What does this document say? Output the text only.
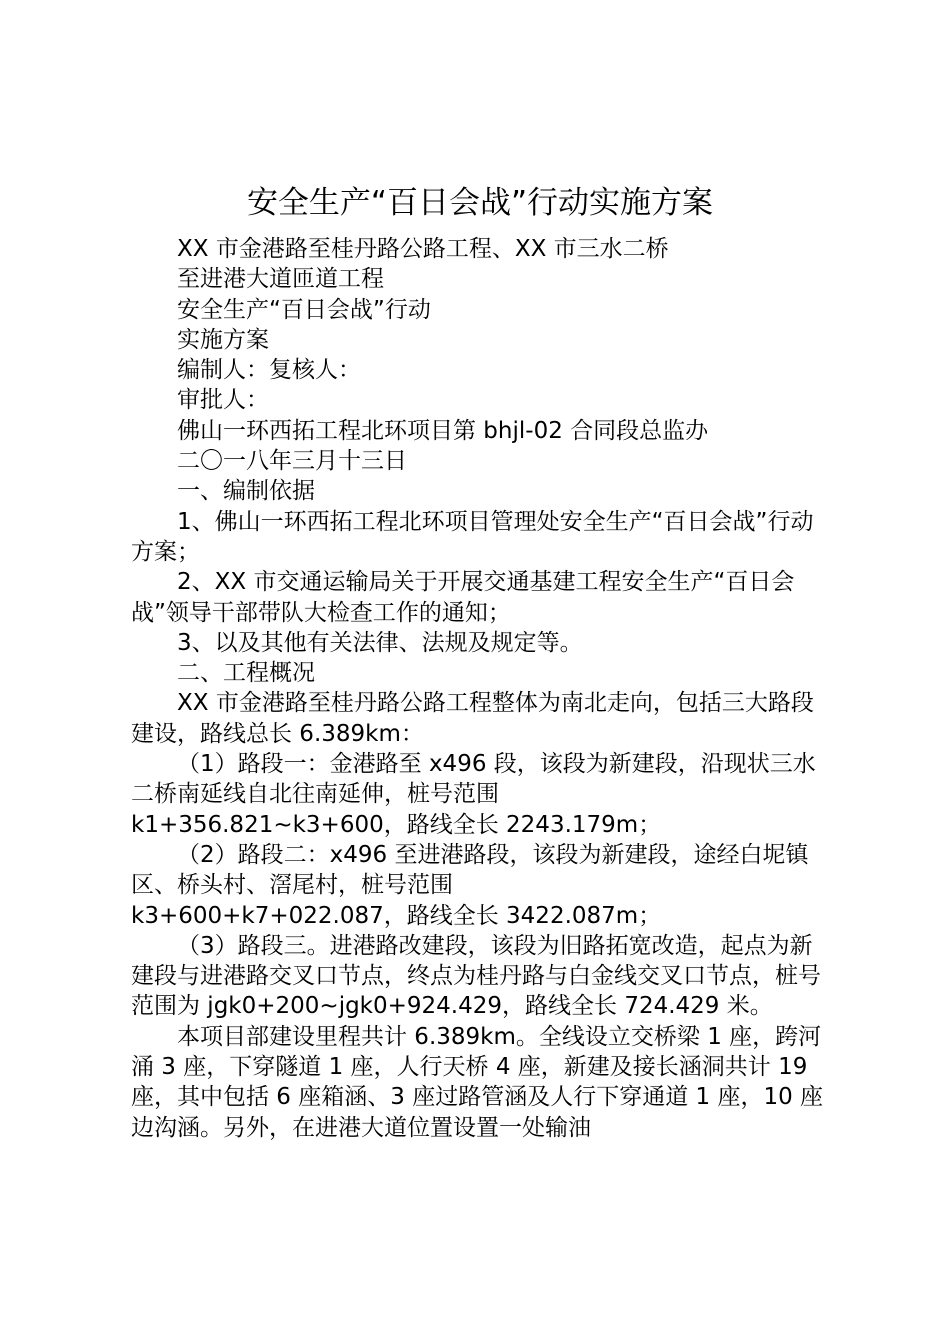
安全生产“百日会战”行动实施方案

XX 市金港路至桂丹路公路工程、XX 市三水二桥

至进港大道匝道工程

安全生产“百日会战”行动

实施方案

编制人：复核人：

审批人：

佛山一环西拓工程北环项目第 bhjl-02 合同段总监办

二〇一八年三月十三日

一、编制依据

1、佛山一环西拓工程北环项目管理处安全生产“百日会战”行动方案；

2、XX 市交通运输局关于开展交通基建工程安全生产“百日会战”领导干部带队大检查工作的通知；

3、以及其他有关法律、法规及规定等。

二、工程概况

XX 市金港路至桂丹路公路工程整体为南北走向，包括三大路段建设，路线总长 6.389km：

（1）路段一：金港路至 x496 段，该段为新建段，沿现状三水二桥南延线自北往南延伸，桩号范围

k1+356.821~k3+600，路线全长 2243.179m；

（2）路段二：x496 至进港路段，该段为新建段，途经白坭镇区、桥头村、滘尾村，桩号范围

k3+600+k7+022.087，路线全长 3422.087m；

（3）路段三。进港路改建段，该段为旧路拓宽改造，起点为新建段与进港路交叉口节点，终点为桂丹路与白金线交叉口节点，桩号范围为 jgk0+200~jgk0+924.429，路线全长 724.429 米。

本项目部建设里程共计 6.389km。全线设立交桥梁 1 座，跨河涌 3 座，下穿隧道 1 座，人行天桥 4 座，新建及接长涵洞共计 19 座，其中包括 6 座箱涵、3 座过路管涵及人行下穿通道 1 座，10 座边沟涵。另外，在进港大道位置设置一处输油
